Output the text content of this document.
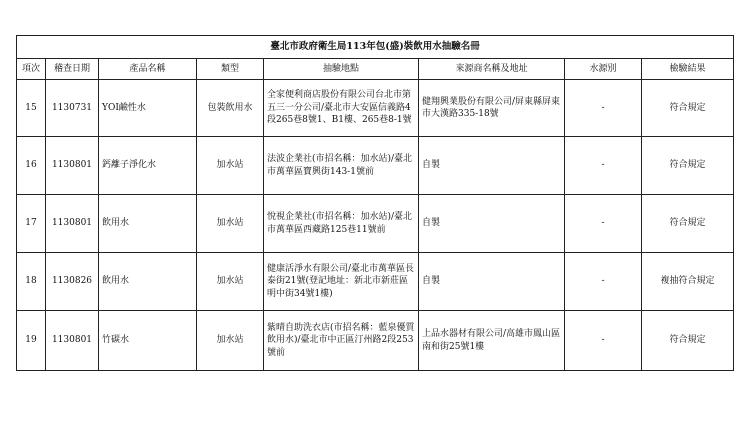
臺北市政府衛生局113年包(盛)裝飲用水抽驗名冊							
項次	稽查日期	產品名稱	類型	抽驗地點	來源商名稱及地址	水源別	檢驗結果
15	1130731	YOI鹼性水	包裝飲用水	全家便利商店股份有限公司台北市第五三一分公司/臺北市大安區信義路4段265巷8號1、B1樓、265巷8-1號	健翔興業股份有限公司/屏東縣屏東市大漢路335-18號	-	符合規定
16	1130801	鈣離子淨化水	加水站	法波企業社(市招名稱：加水站)/臺北市萬華區寶興街143-1號前	自製	-	符合規定
17	1130801	飲用水	加水站	悅視企業社(市招名稱：加水站)/臺北市萬華區西藏路125巷11號前	自製	-	符合規定
18	1130826	飲用水	加水站	健康活淨水有限公司/臺北市萬華區長泰街21號(登記地址：新北市新莊區明中街34號1樓)	自製	-	複抽符合規定
19	1130801	竹碳水	加水站	紫晴自助洗衣店(市招名稱：藍泉優質飲用水)/臺北市中正區汀州路2段253號前	上品水器材有限公司/高雄市鳳山區南和街25號1樓	-	符合規定
